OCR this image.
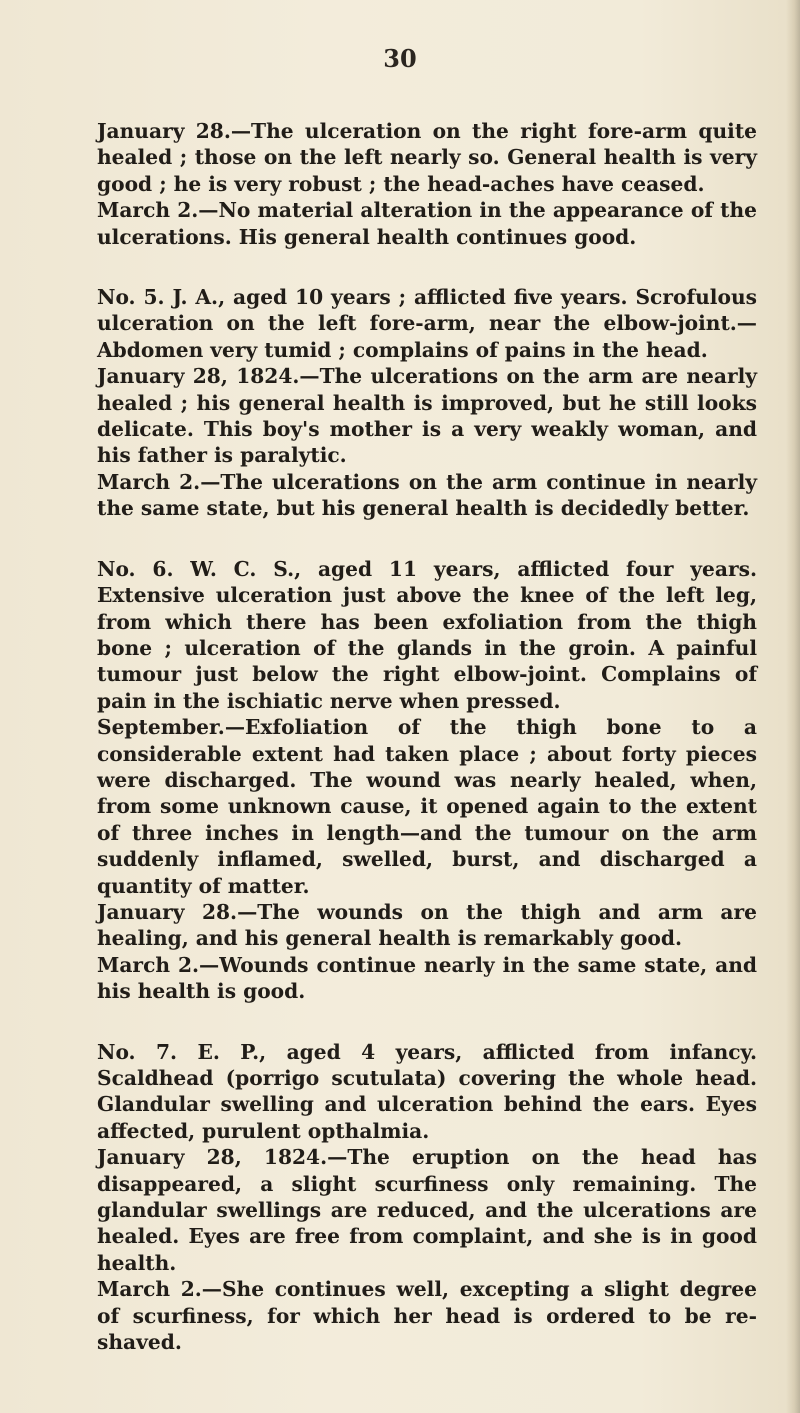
30

January 28.—The ulceration on the right fore-arm quite healed ; those on the left nearly so. General health is very good ; he is very robust ; the head-aches have ceased.

March 2.—No material alteration in the appearance of the ulcerations. His general health continues good.

No. 5. J. A., aged 10 years ; afflicted five years. Scrofulous ulceration on the left fore-arm, near the elbow-joint.— Abdomen very tumid ; complains of pains in the head.

January 28, 1824.—The ulcerations on the arm are nearly healed ; his general health is improved, but he still looks delicate. This boy's mother is a very weakly woman, and his father is paralytic.

March 2.—The ulcerations on the arm continue in nearly the same state, but his general health is decidedly better.

No. 6. W. C. S., aged 11 years, afflicted four years. Extensive ulceration just above the knee of the left leg, from which there has been exfoliation from the thigh bone ; ulceration of the glands in the groin. A painful tumour just below the right elbow-joint. Complains of pain in the ischiatic nerve when pressed.

September.—Exfoliation of the thigh bone to a considerable extent had taken place ; about forty pieces were discharged. The wound was nearly healed, when, from some unknown cause, it opened again to the extent of three inches in length—and the tumour on the arm suddenly inflamed, swelled, burst, and discharged a quantity of matter.

January 28.—The wounds on the thigh and arm are healing, and his general health is remarkably good.

March 2.—Wounds continue nearly in the same state, and his health is good.

No. 7. E. P., aged 4 years, afflicted from infancy. Scaldhead (porrigo scutulata) covering the whole head. Glandular swelling and ulceration behind the ears. Eyes affected, purulent opthalmia.

January 28, 1824.—The eruption on the head has disappeared, a slight scurfiness only remaining. The glandular swellings are reduced, and the ulcerations are healed. Eyes are free from complaint, and she is in good health.

March 2.—She continues well, excepting a slight degree of scurfiness, for which her head is ordered to be re-shaved.
